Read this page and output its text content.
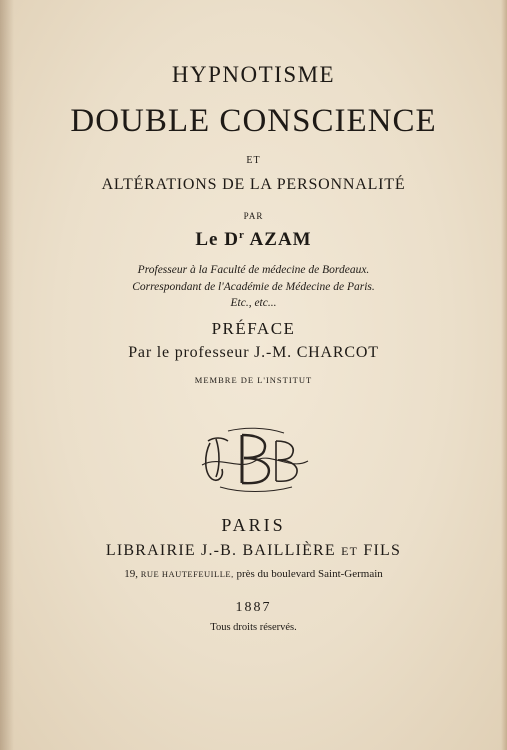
HYPNOTISME
DOUBLE CONSCIENCE
ET
ALTÉRATIONS DE LA PERSONNALITÉ
PAR
Le $D^r$ AZAM
Professeur à la Faculté de médecine de Bordeaux.
Correspondant de l'Académie de Médecine de Paris.
Etc., etc...
PRÉFACE
Par le professeur J.-M. CHARCOT
MEMBRE DE L'INSTITUT
PARIS
LIBRAIRIE J.-B. BAILLIÈRE ET FILS
19, RUE HAUTEFEUILLE, près du boulevard Saint-Germain
1887
Tous droits réservés.
